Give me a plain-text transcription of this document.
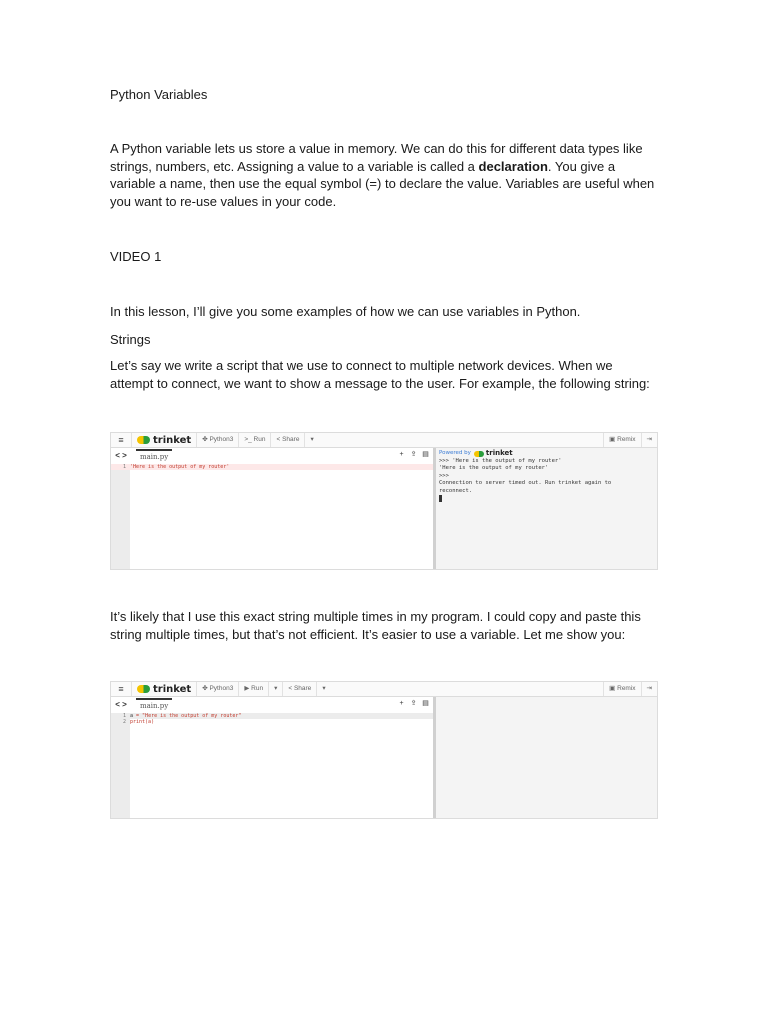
Python Variables

A Python variable lets us store a value in memory. We can do this for different data types like strings, numbers, etc. Assigning a value to a variable is called a declaration. You give a variable a name, then use the equal symbol (=) to declare the value. Variables are useful when you want to re-use values in your code.

VIDEO 1

In this lesson, I’ll give you some examples of how we can use variables in Python.

Strings

Let’s say we write a script that we use to connect to multiple network devices. When we attempt to connect, we want to show a message to the user. For example, the following string:

≡	trinket	✤ Python3	>_ Run	< Share	▾	▣ Remix	⇥
< >	main.py	+	⇪ ▤
1 'Here is the output of my router'
Powered by trinket
>>> 'Here is the output of my router'
'Here is the output of my router'
>>>
Connection to server timed out. Run trinket again to
reconnect.

It’s likely that I use this exact string multiple times in my program. I could copy and paste this string multiple times, but that’s not efficient. It’s easier to use a variable. Let me show you:

≡	trinket	✤ Python3	▶ Run	▾	< Share	▾	▣ Remix	⇥
< >	main.py	+	⇪ ▤
1 a = "Here is the output of my router"
2 print(a)
